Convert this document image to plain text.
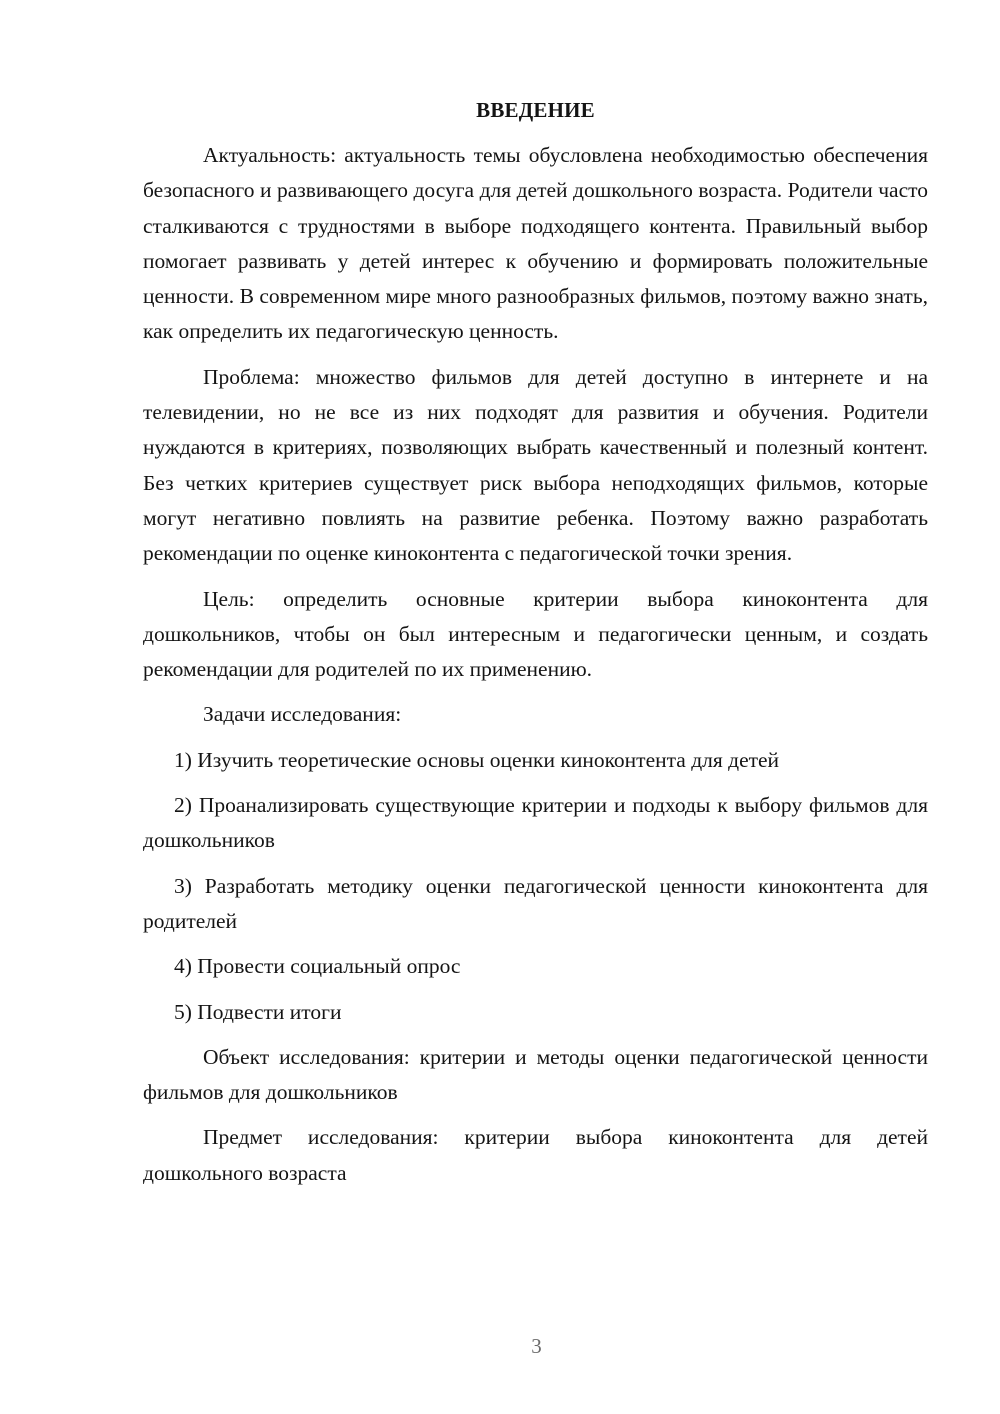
ВВЕДЕНИЕ

Актуальность: актуальность темы обусловлена необходимостью обеспечения безопасного и развивающего досуга для детей дошкольного возраста. Родители часто сталкиваются с трудностями в выборе подходящего контента. Правильный выбор помогает развивать у детей интерес к обучению и формировать положительные ценности. В современном мире много разнообразных фильмов, поэтому важно знать, как определить их педагогическую ценность.

Проблема: множество фильмов для детей доступно в интернете и на телевидении, но не все из них подходят для развития и обучения. Родители нуждаются в критериях, позволяющих выбрать качественный и полезный контент. Без четких критериев существует риск выбора неподходящих фильмов, которые могут негативно повлиять на развитие ребенка. Поэтому важно разработать рекомендации по оценке киноконтента с педагогической точки зрения.

Цель: определить основные критерии выбора киноконтента для дошкольников, чтобы он был интересным и педагогически ценным, и создать рекомендации для родителей по их применению.

Задачи исследования:

1) Изучить теоретические основы оценки киноконтента для детей

2) Проанализировать существующие критерии и подходы к выбору фильмов для дошкольников

3) Разработать методику оценки педагогической ценности киноконтента для родителей

4) Провести социальный опрос

5) Подвести итоги

Объект исследования: критерии и методы оценки педагогической ценности фильмов для дошкольников

Предмет исследования: критерии выбора киноконтента для детей дошкольного возраста

3
